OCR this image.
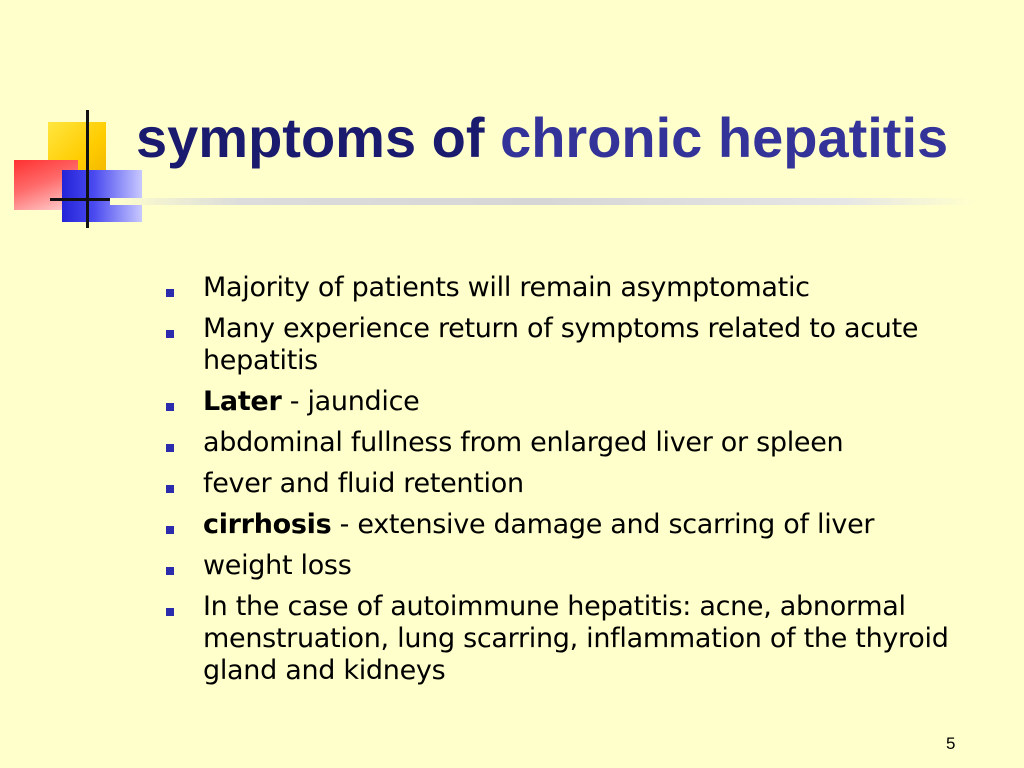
symptoms of chronic hepatitis
Majority of patients will remain asymptomatic
Many experience return of symptoms related to acute hepatitis
Later - jaundice
abdominal fullness from enlarged liver or spleen
fever and fluid retention
cirrhosis - extensive damage and scarring of liver
weight loss
In the case of autoimmune hepatitis: acne, abnormal menstruation, lung scarring, inflammation of the thyroid gland and kidneys
5
